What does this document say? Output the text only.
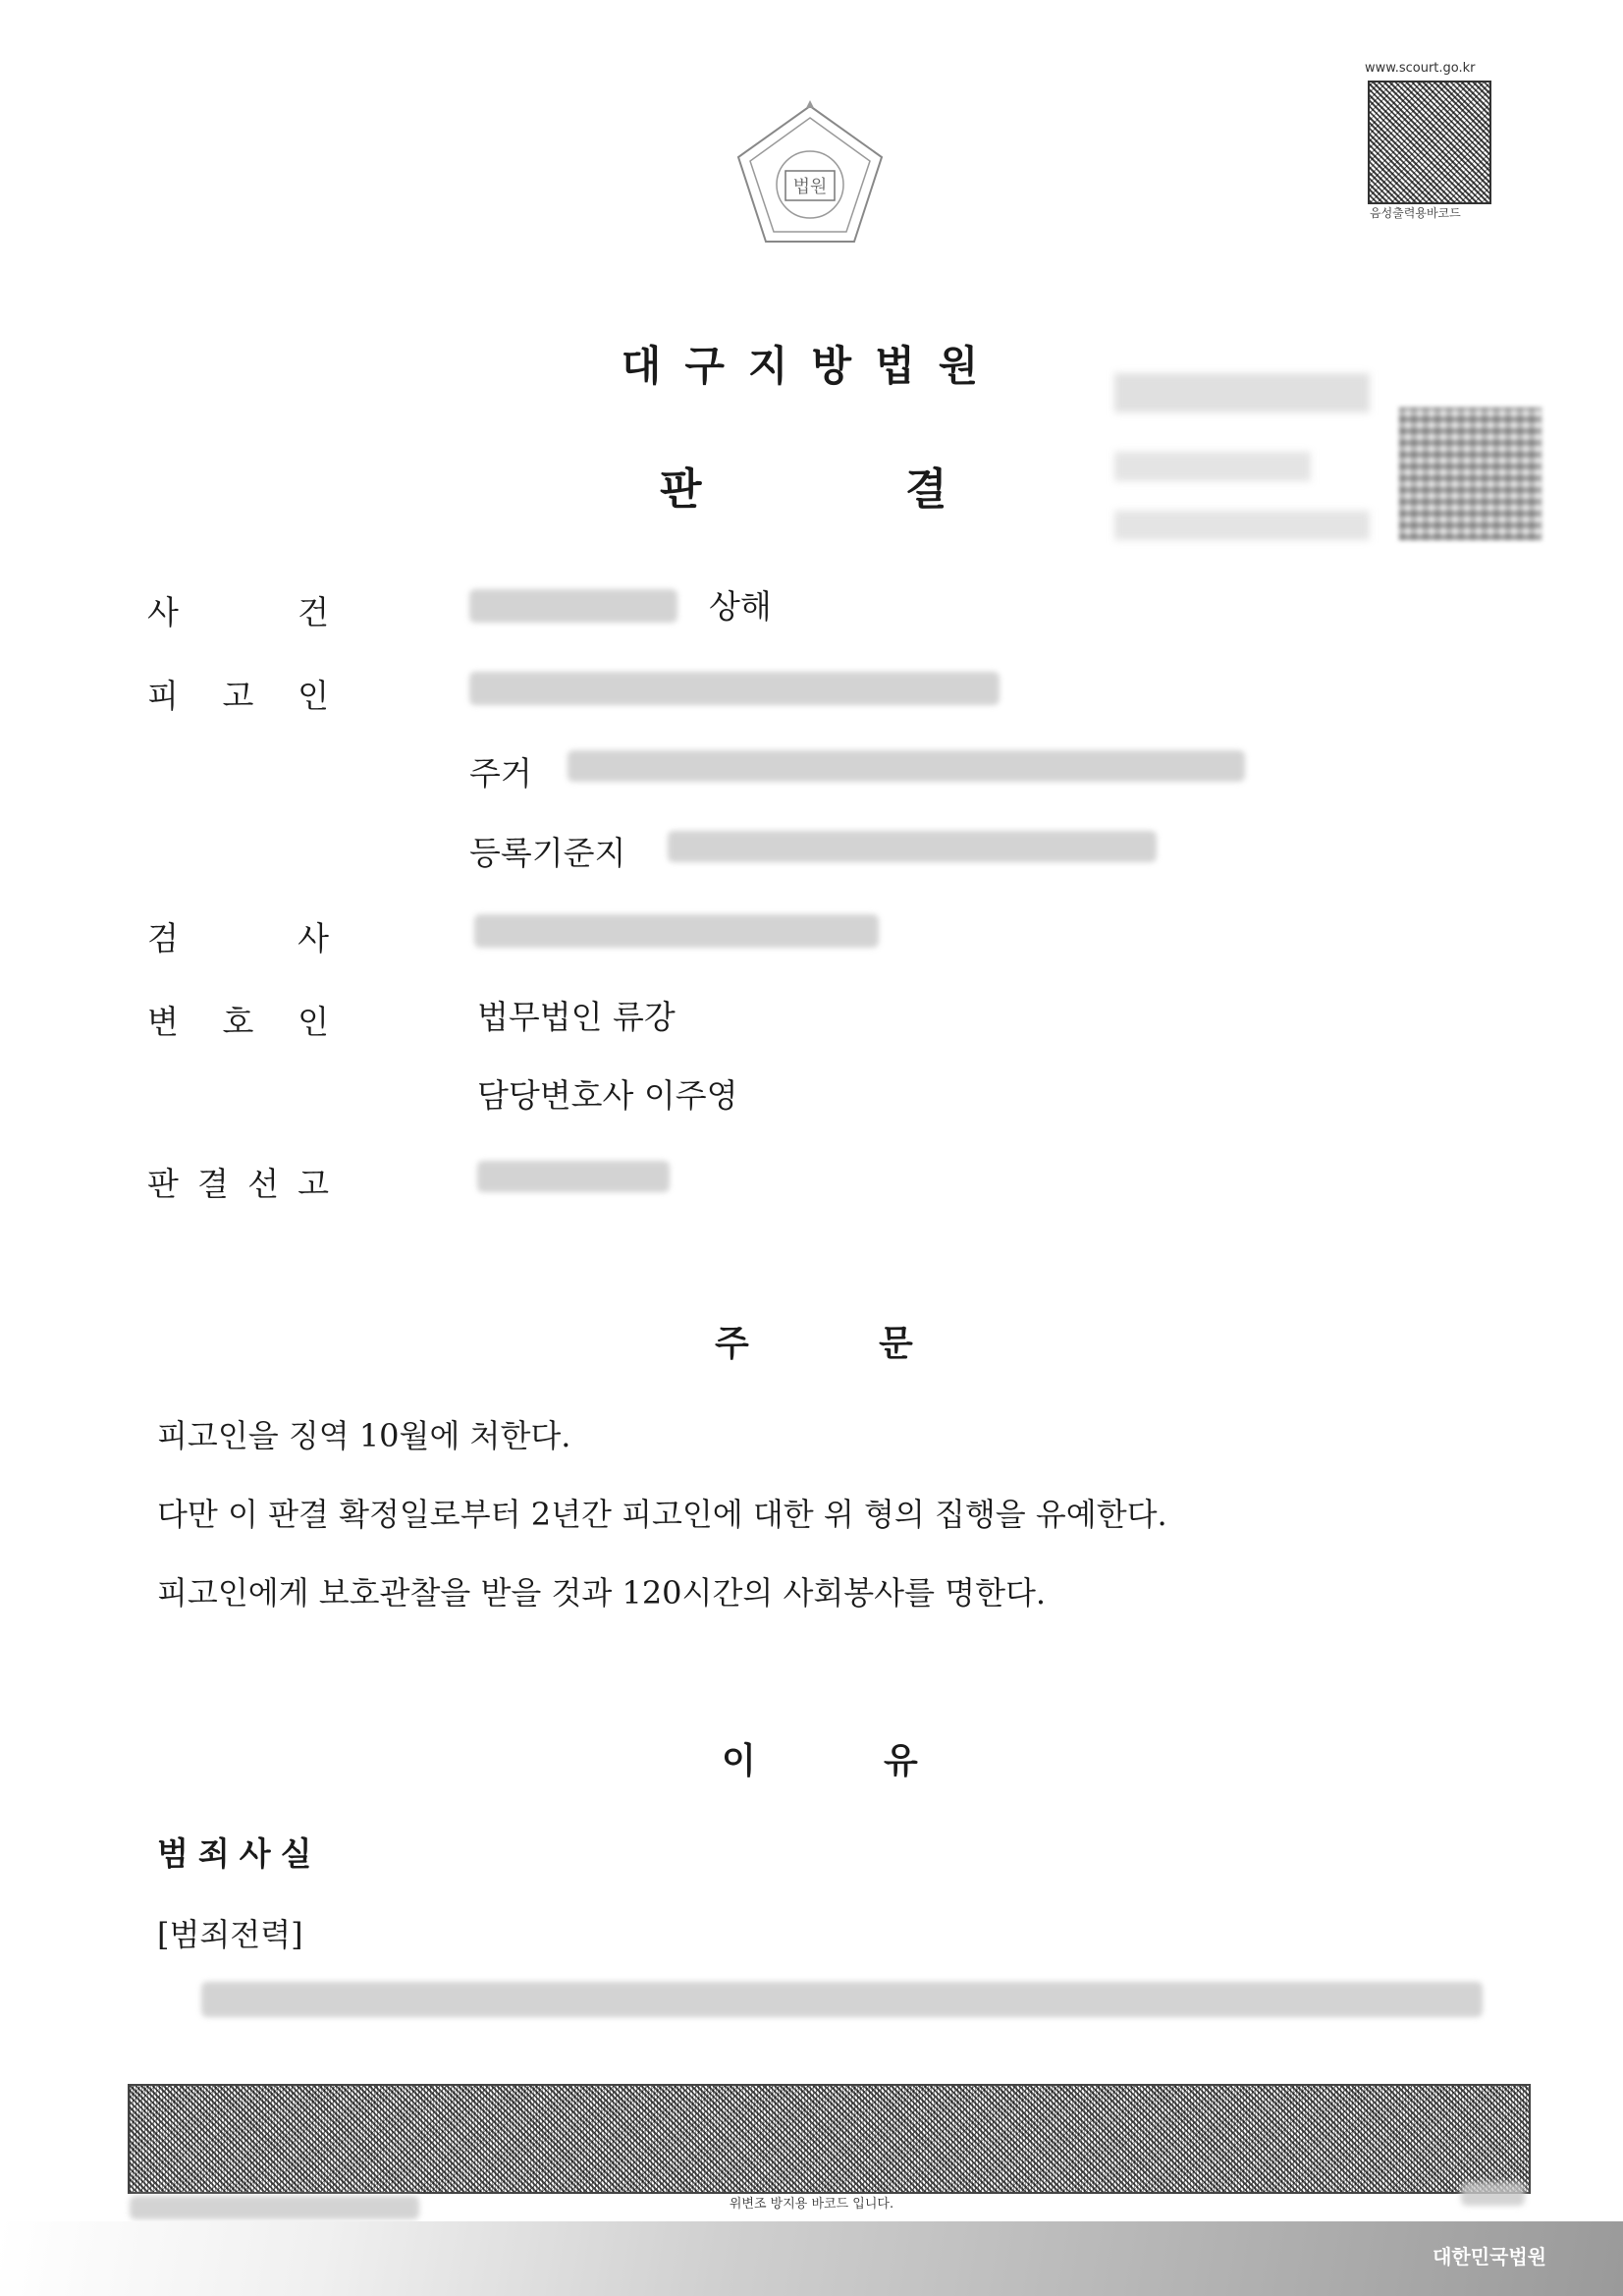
www.scourt.go.kr
음성출력용바코드
법원
대구지방법원
판	결
사	건	상해
피 고 인
주거
등록기준지
검	사
변 호 인	법무법인 류강
담당변호사 이주영
판 결 선 고
주	문
피고인을 징역 10월에 처한다.
다만 이 판결 확정일로부터 2년간 피고인에 대한 위 형의 집행을 유예한다.
피고인에게 보호관찰을 받을 것과 120시간의 사회봉사를 명한다.
이	유
범죄사실
[범죄전력]
위변조 방지용 바코드 입니다.
대한민국법원
